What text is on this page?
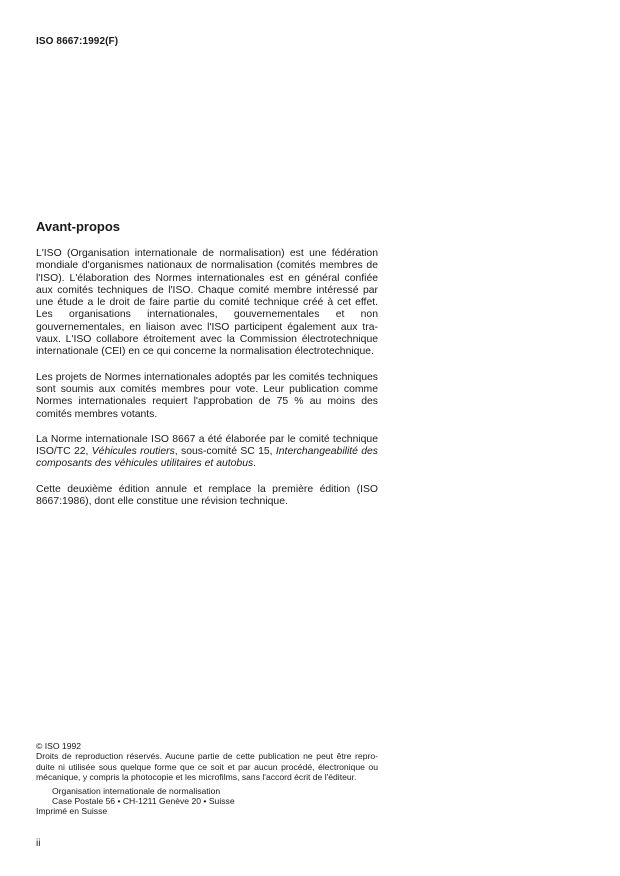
ISO 8667:1992(F)
Avant-propos

L'ISO (Organisation internationale de normalisation) est une fédération mondiale d'organismes nationaux de normalisation (comités membres de l'ISO). L'élaboration des Normes internationales est en général confiée aux comités techniques de l'ISO. Chaque comité membre intéressé par une étude a le droit de faire partie du comité technique créé à cet effet. Les organisations internationales, gouvernementales et non gouvernementales, en liaison avec l'ISO participent également aux travaux. L'ISO collabore étroitement avec la Commission électrotechnique internationale (CEI) en ce qui concerne la normalisation électrotechnique.

Les projets de Normes internationales adoptés par les comités techniques sont soumis aux comités membres pour vote. Leur publication comme Normes internationales requiert l'approbation de 75 % au moins des comités membres votants.

La Norme internationale ISO 8667 a été élaborée par le comité technique ISO/TC 22, Véhicules routiers, sous-comité SC 15, Interchangeabilité des composants des véhicules utilitaires et autobus.

Cette deuxième édition annule et remplace la première édition (ISO 8667:1986), dont elle constitue une révision technique.

© ISO 1992
Droits de reproduction réservés. Aucune partie de cette publication ne peut être reproduite ni utilisée sous quelque forme que ce soit et par aucun procédé, électronique ou mécanique, y compris la photocopie et les microfilms, sans l'accord écrit de l'éditeur.
Organisation internationale de normalisation
Case Postale 56 • CH-1211 Genève 20 • Suisse
Imprimé en Suisse
ii
